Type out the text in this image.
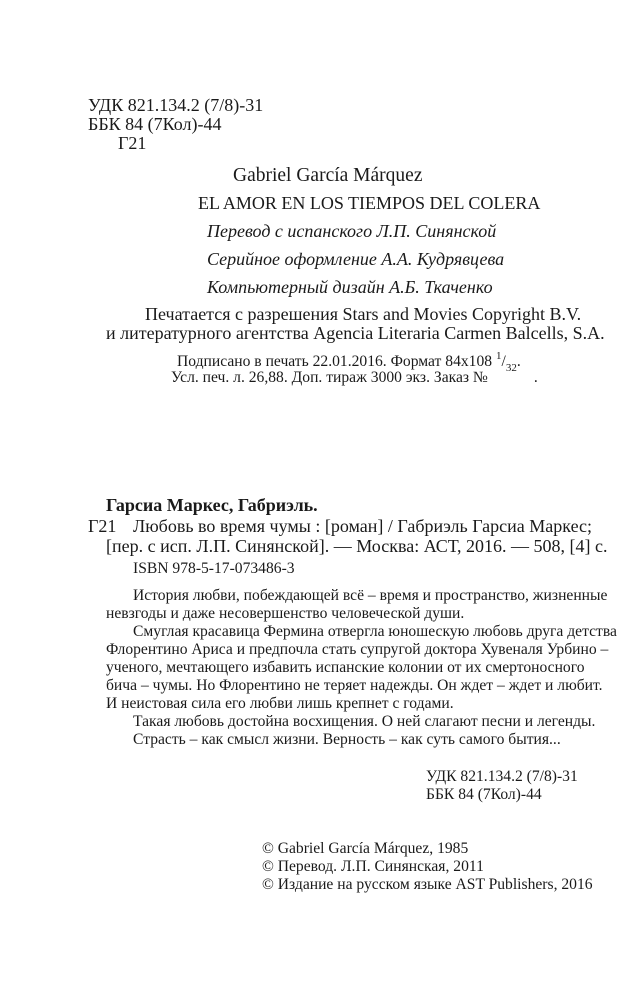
УДК 821.134.2 (7/8)-31
ББК 84 (7Кол)-44
Г21
Gabriel García Márquez
EL AMOR EN LOS TIEMPOS DEL COLERA
Перевод с испанского Л.П. Синянской
Серийное оформление А.А. Кудрявцева
Компьютерный дизайн А.Б. Ткаченко
Печатается с разрешения Stars and Movies Copyright B.V.
и литературного агентства Agencia Literaria Carmen Balcells, S.A.
Подписано в печать 22.01.2016. Формат 84x108 $^1/_{32}$.
Усл. печ. л. 26,88. Доп. тираж 3000 экз. Заказ №	.
Гарсиа Маркес, Габриэль.
Г21 Любовь во время чумы : [роман] / Габриэль Гарсиа Маркес;
[пер. с исп. Л.П. Синянской]. — Москва: АСТ, 2016. — 508, [4] с.
ISBN 978-5-17-073486-3
История любви, побеждающей всё – время и пространство, жизненные
невзгоды и даже несовершенство человеческой души.
Смуглая красавица Фермина отвергла юношескую любовь друга детства
Флорентино Ариса и предпочла стать супругой доктора Хувеналя Урбино –
ученого, мечтающего избавить испанские колонии от их смертоносного
бича – чумы. Но Флорентино не теряет надежды. Он ждет – ждет и любит.
И неистовая сила его любви лишь крепнет с годами.
Такая любовь достойна восхищения. О ней слагают песни и легенды.
Страсть – как смысл жизни. Верность – как суть самого бытия...
УДК 821.134.2 (7/8)-31
ББК 84 (7Кол)-44
© Gabriel García Márquez, 1985
© Перевод. Л.П. Синянская, 2011
© Издание на русском языке AST Publishers, 2016
